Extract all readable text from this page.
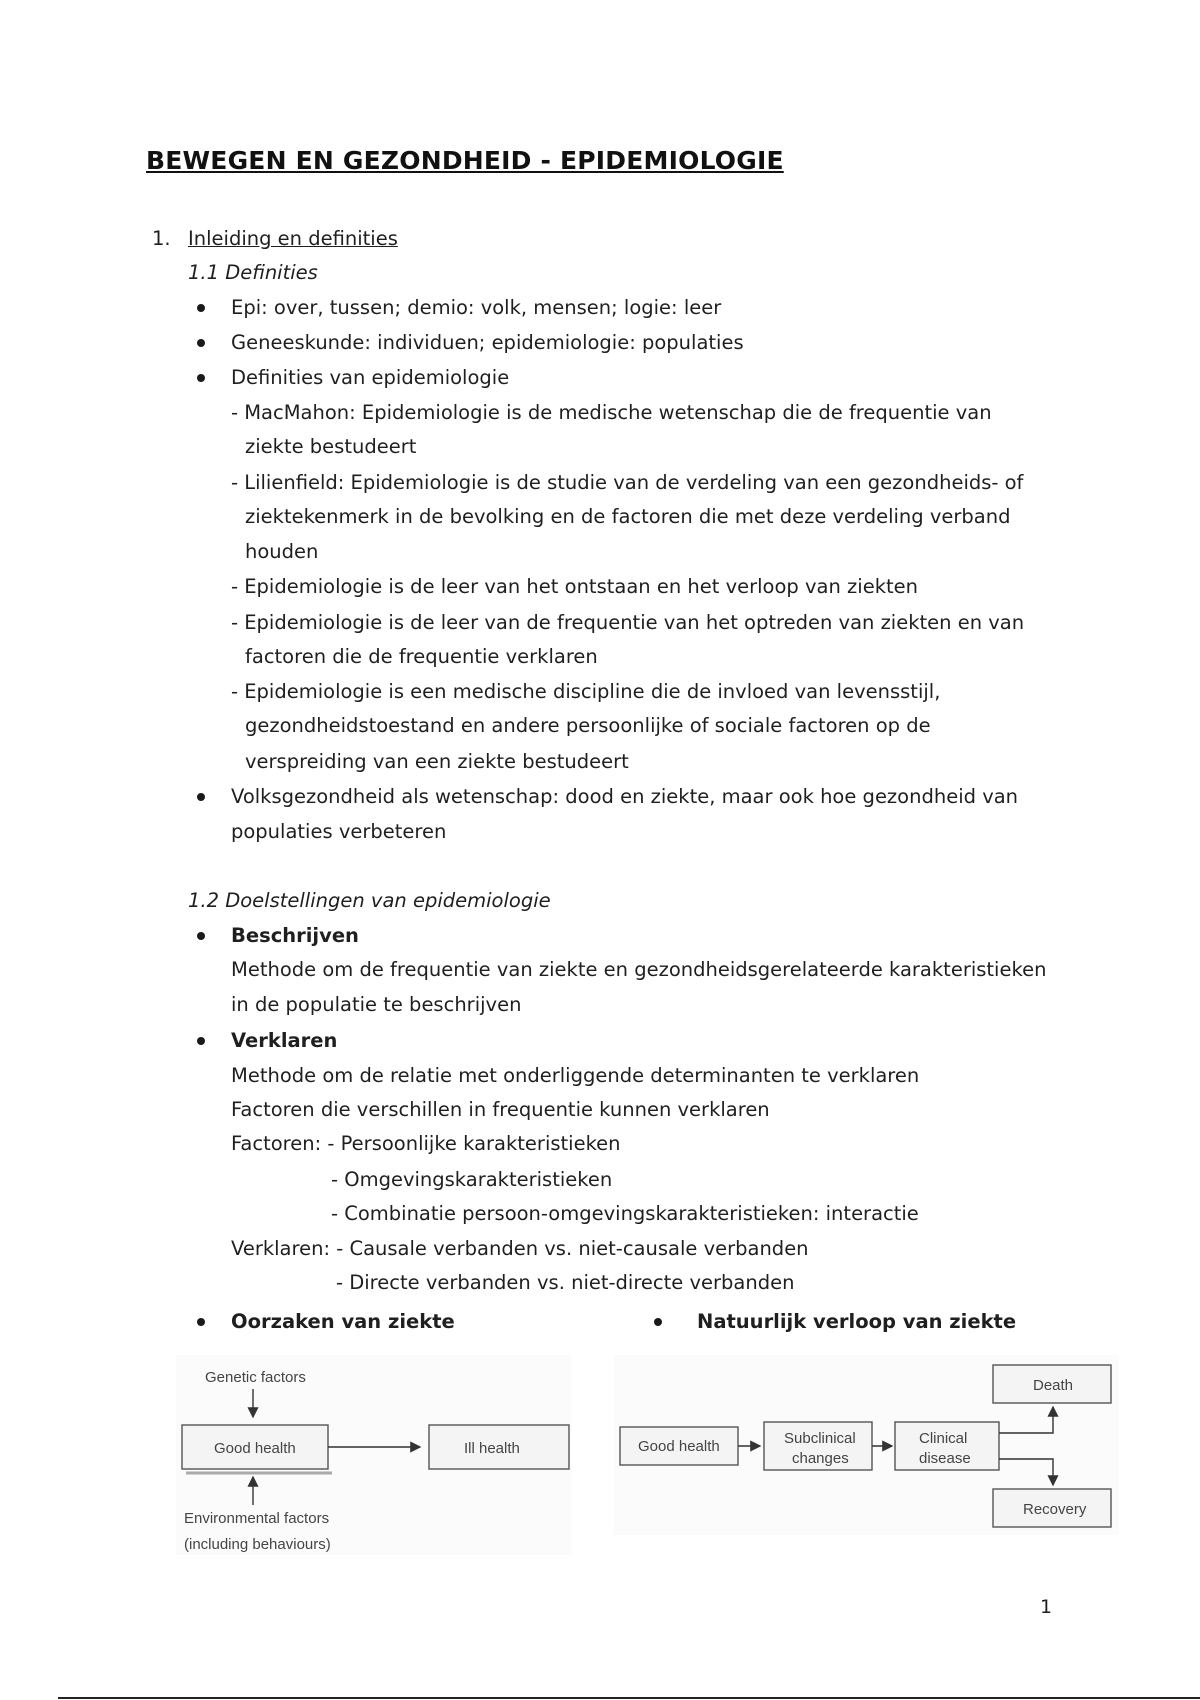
BEWEGEN EN GEZONDHEID - EPIDEMIOLOGIE
1. Inleiding en definities
1.1 Definities
Epi: over, tussen; demio: volk, mensen; logie: leer
Geneeskunde: individuen; epidemiologie: populaties
Definities van epidemiologie
- MacMahon: Epidemiologie is de medische wetenschap die de frequentie van
ziekte bestudeert
- Lilienfield: Epidemiologie is de studie van de verdeling van een gezondheids- of
ziektekenmerk in de bevolking en de factoren die met deze verdeling verband
houden
- Epidemiologie is de leer van het ontstaan en het verloop van ziekten
- Epidemiologie is de leer van de frequentie van het optreden van ziekten en van
factoren die de frequentie verklaren
- Epidemiologie is een medische discipline die de invloed van levensstijl,
gezondheidstoestand en andere persoonlijke of sociale factoren op de
verspreiding van een ziekte bestudeert
Volksgezondheid als wetenschap: dood en ziekte, maar ook hoe gezondheid van
populaties verbeteren
1.2 Doelstellingen van epidemiologie
Beschrijven
Methode om de frequentie van ziekte en gezondheidsgerelateerde karakteristieken
in de populatie te beschrijven
Verklaren
Methode om de relatie met onderliggende determinanten te verklaren
Factoren die verschillen in frequentie kunnen verklaren
Factoren: - Persoonlijke karakteristieken
- Omgevingskarakteristieken
- Combinatie persoon-omgevingskarakteristieken: interactie
Verklaren: - Causale verbanden vs. niet-causale verbanden
- Directe verbanden vs. niet-directe verbanden
Oorzaken van ziekte	Natuurlijk verloop van ziekte
Genetic factors
Good health	Ill health
Environmental factors
(including behaviours)
Good health	Subclinical
changes
Clinical
disease
Death
Recovery
1
